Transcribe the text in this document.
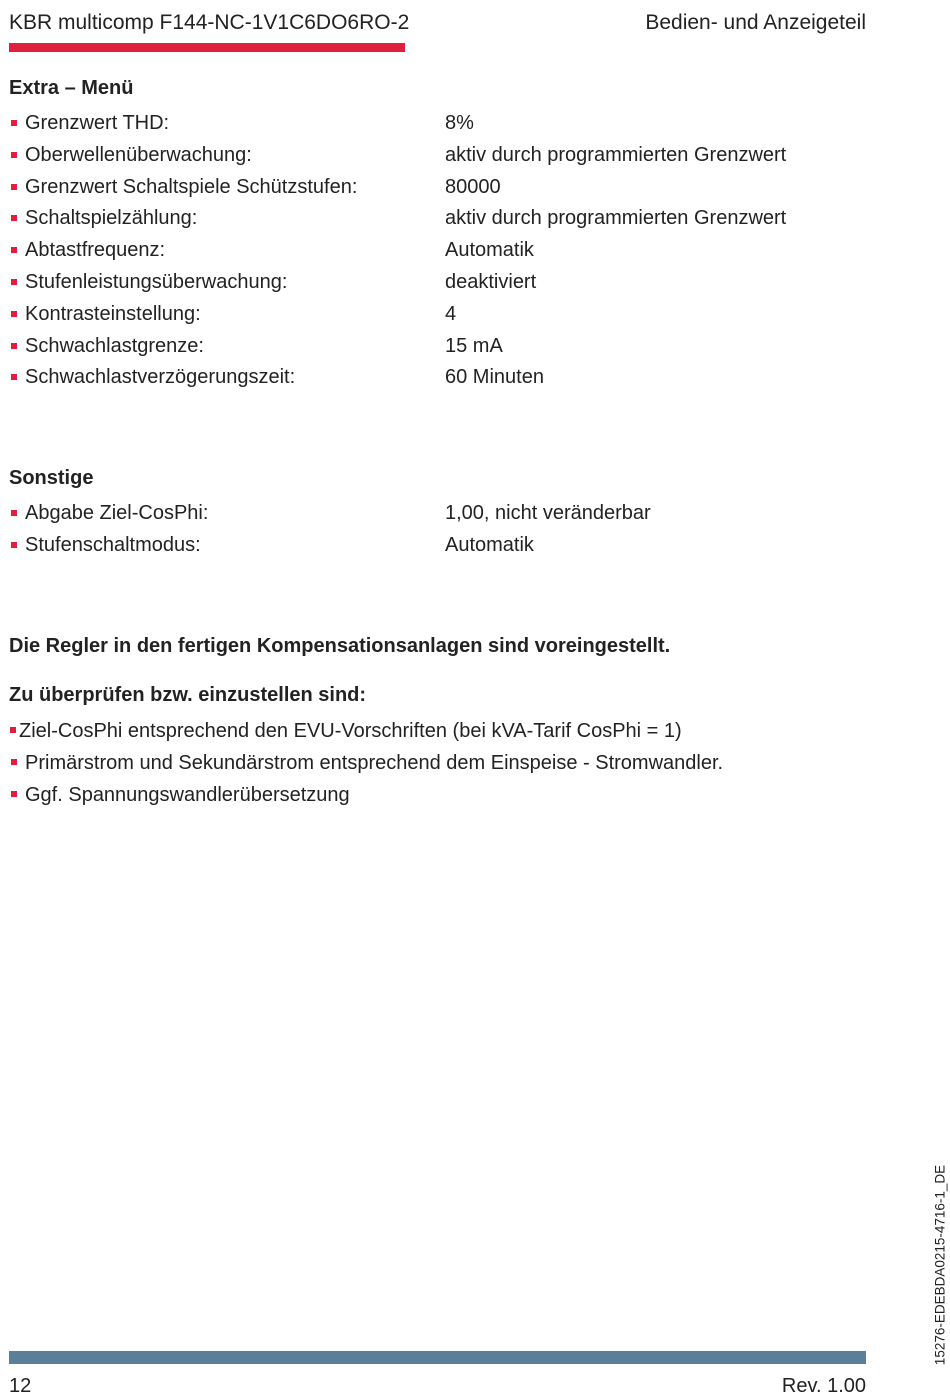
KBR multicomp F144-NC-1V1C6DO6RO-2	Bedien- und Anzeigeteil
Extra – Menü
Grenzwert THD:	8%
Oberwellenüberwachung:	aktiv durch programmierten Grenzwert
Grenzwert Schaltspiele Schützstufen:	80000
Schaltspielzählung:	aktiv durch programmierten Grenzwert
Abtastfrequenz:	Automatik
Stufenleistungsüberwachung:	deaktiviert
Kontrasteinstellung:	4
Schwachlastgrenze:	15 mA
Schwachlastverzögerungszeit:	60 Minuten
Sonstige
Abgabe Ziel-CosPhi:	1,00, nicht veränderbar
Stufenschaltmodus:	Automatik
Die Regler in den fertigen Kompensationsanlagen sind voreingestellt.
Zu überprüfen bzw. einzustellen sind:
Ziel-CosPhi entsprechend den EVU-Vorschriften (bei kVA-Tarif CosPhi = 1)
Primärstrom und Sekundärstrom entsprechend dem Einspeise - Stromwandler.
Ggf. Spannungswandlerübersetzung
15276-EDEBDA0215-4716-1_DE
12	Rev. 1.00
